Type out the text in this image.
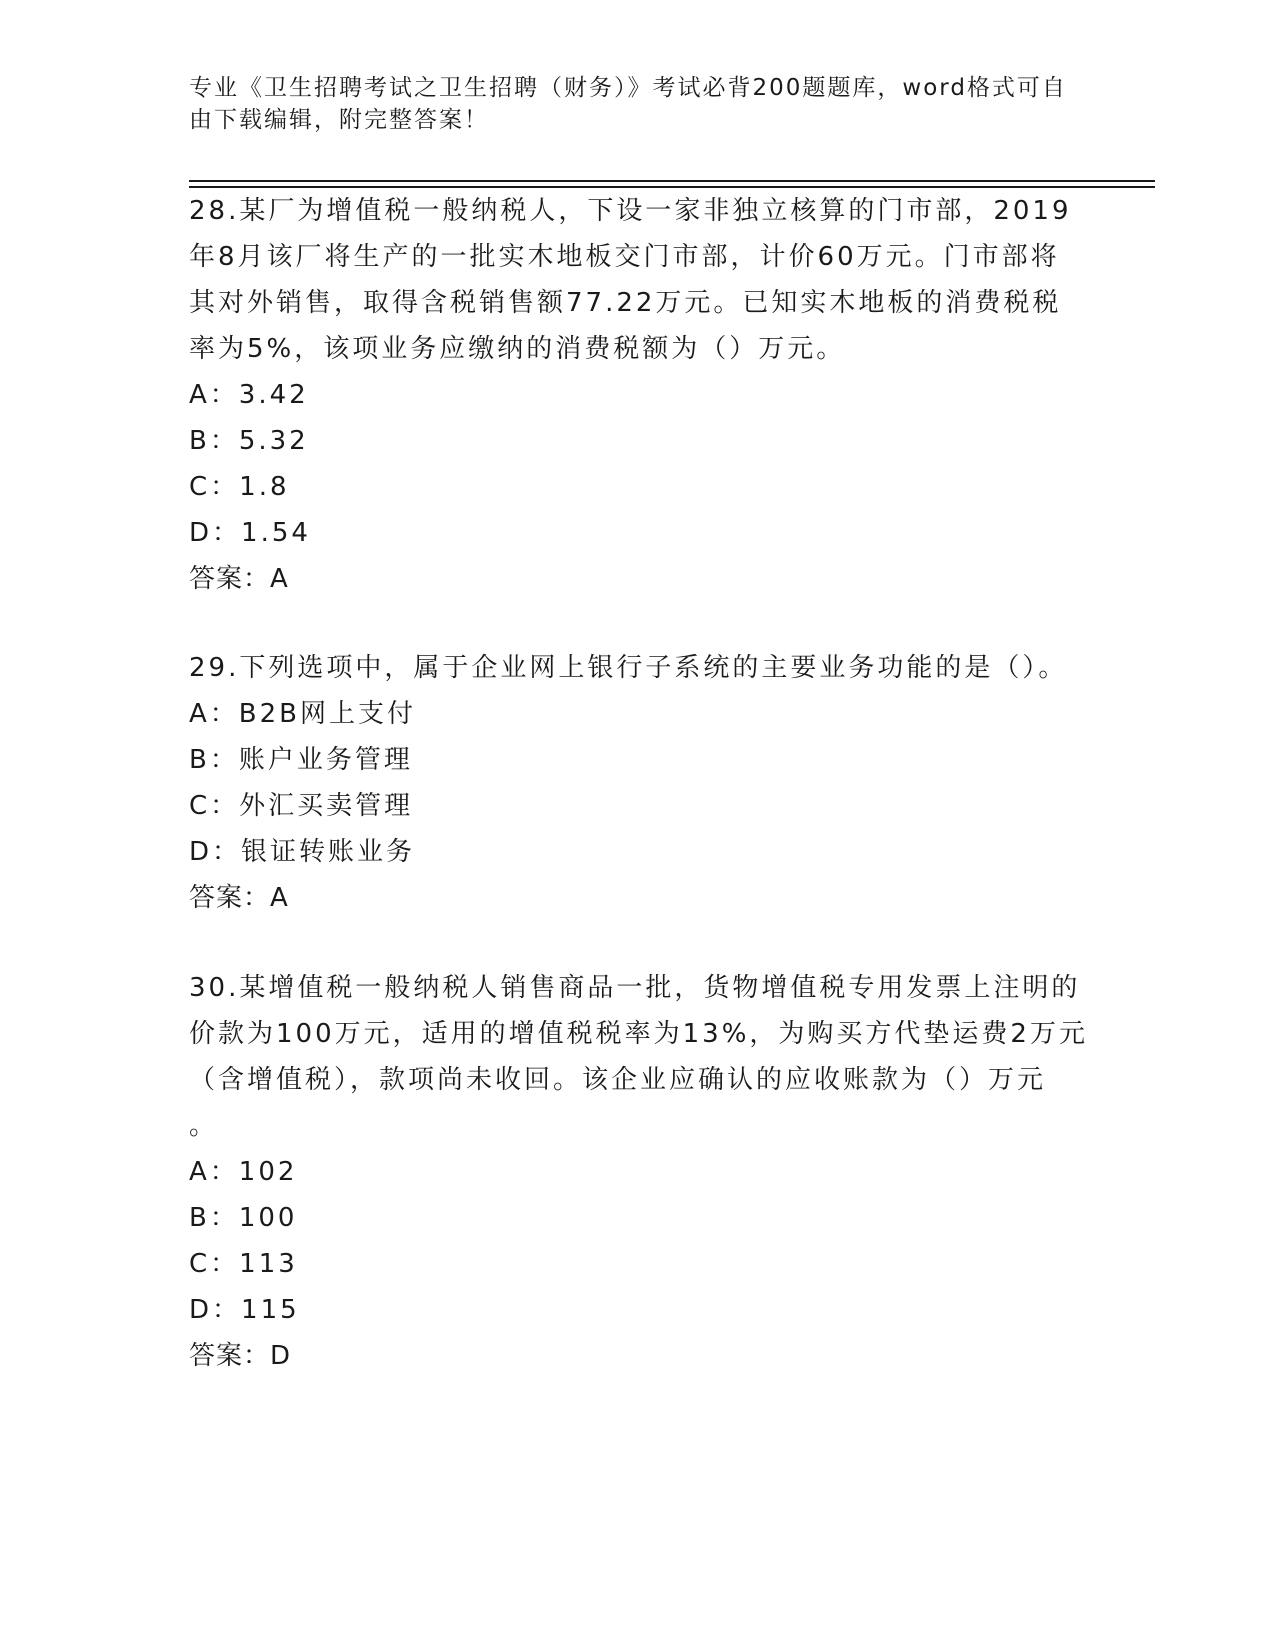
专业《卫生招聘考试之卫生招聘（财务）》考试必背200题题库，word格式可自
由下载编辑，附完整答案！

28.某厂为增值税一般纳税人，下设一家非独立核算的门市部，2019

年8月该厂将生产的一批实木地板交门市部，计价60万元。门市部将

其对外销售，取得含税销售额77.22万元。已知实木地板的消费税税

率为5%，该项业务应缴纳的消费税额为（）万元。

A：3.42

B：5.32

C：1.8

D：1.54

答案：A

29.下列选项中，属于企业网上银行子系统的主要业务功能的是（）。

A：B2B网上支付

B：账户业务管理

C：外汇买卖管理

D：银证转账业务

答案：A

30.某增值税一般纳税人销售商品一批，货物增值税专用发票上注明的

价款为100万元，适用的增值税税率为13%，为购买方代垫运费2万元

（含增值税），款项尚未收回。该企业应确认的应收账款为（）万元

。

A：102

B：100

C：113

D：115

答案：D
